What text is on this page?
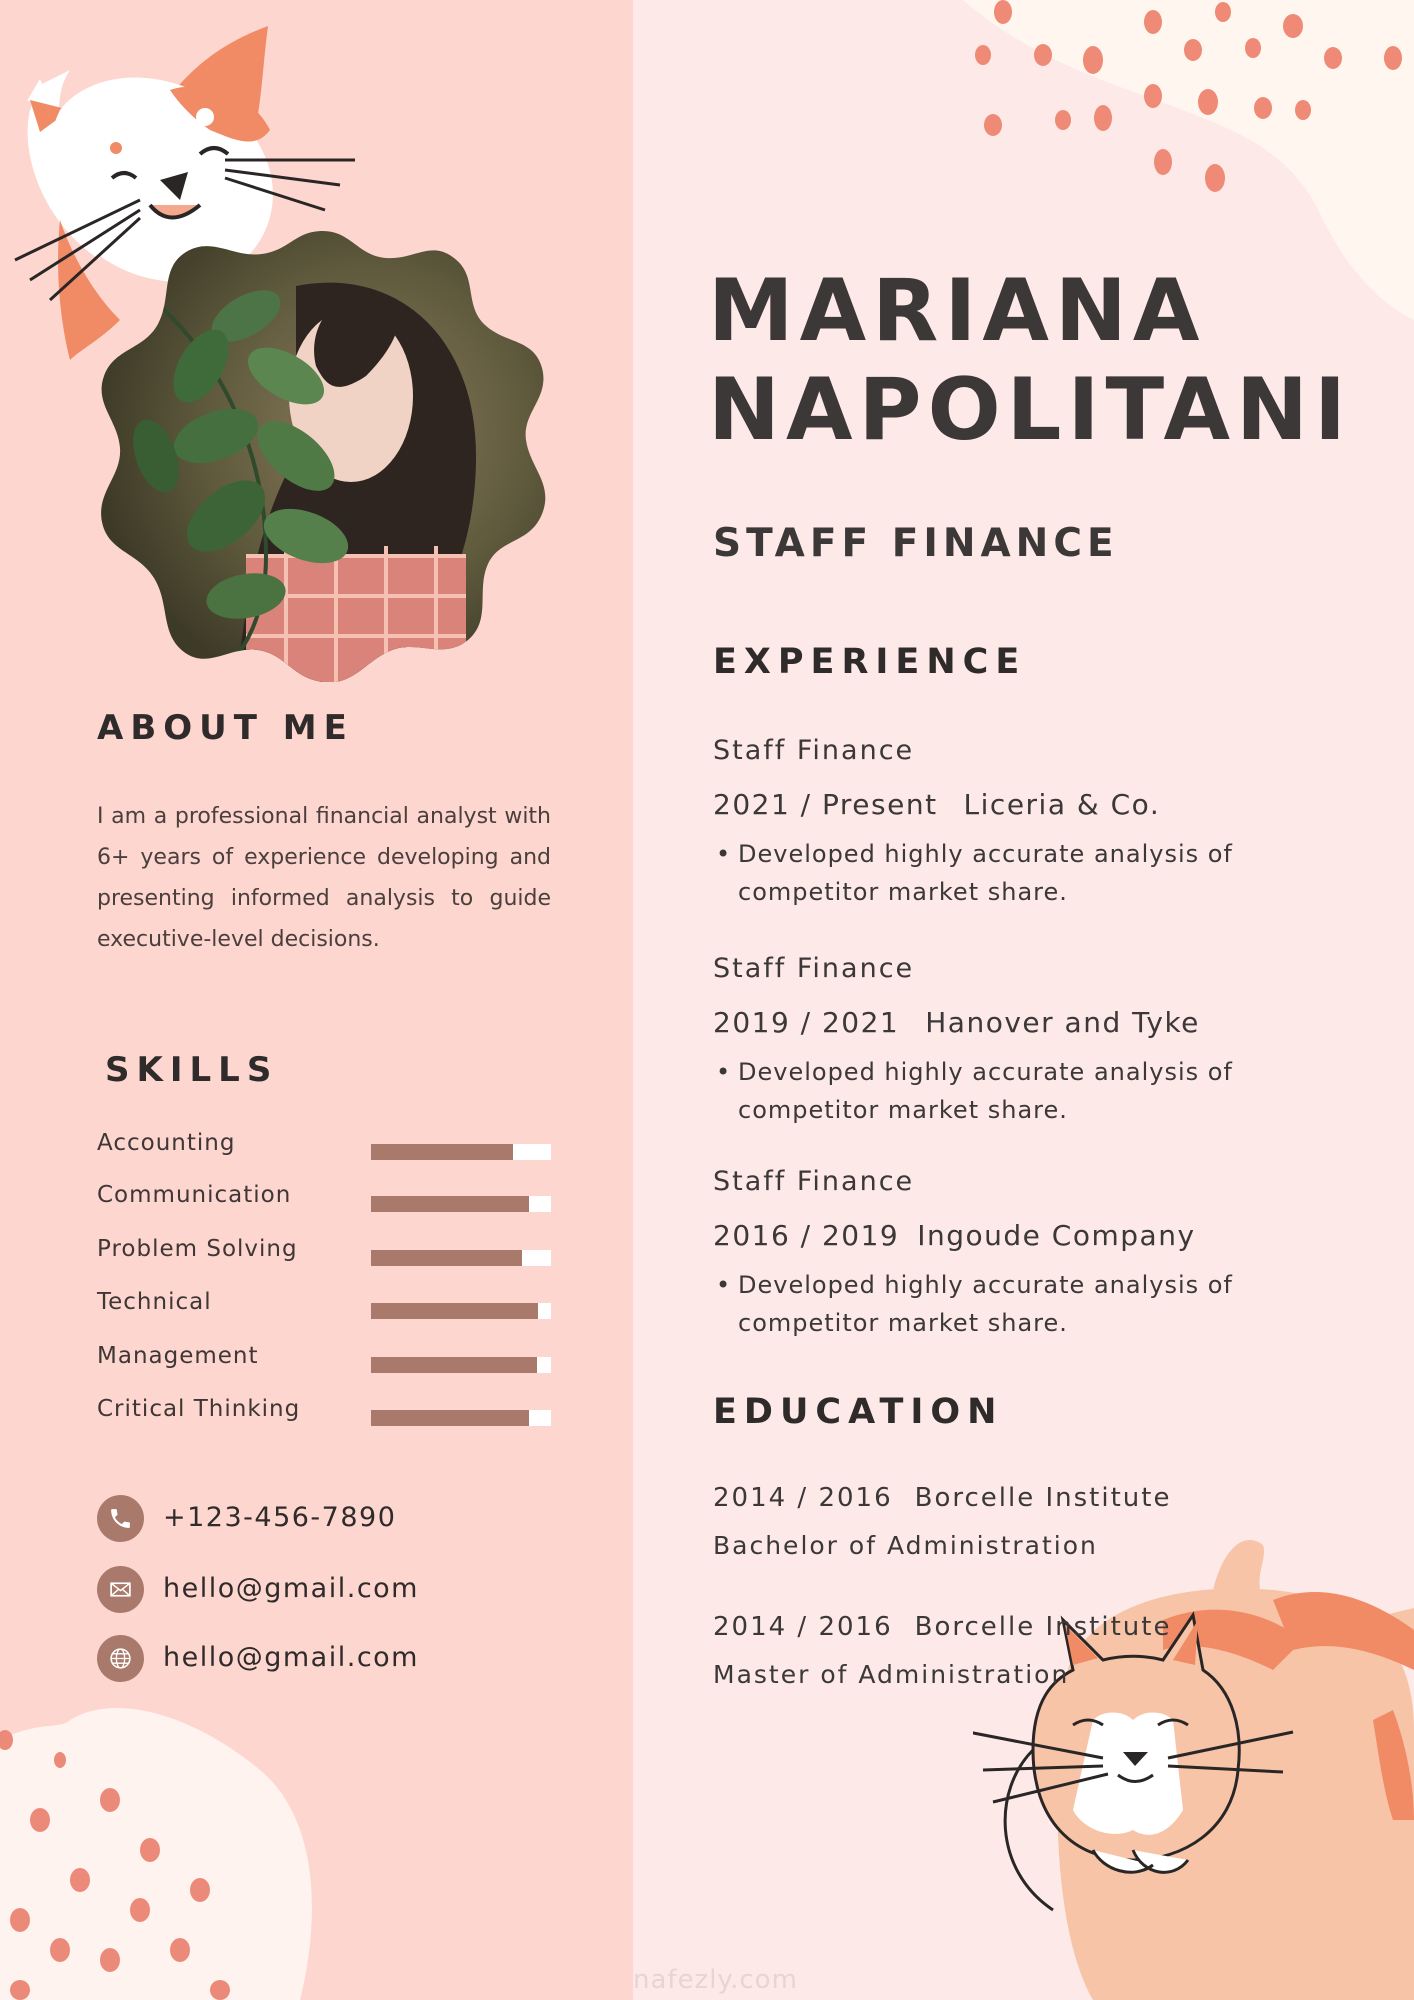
ABOUT ME
I am a professional financial analyst with 6+ years of experience developing and presenting informed analysis to guide executive-level decisions.
SKILLS
Accounting
Communication
Problem Solving
Technical
Management
Critical Thinking
+123-456-7890
hello@gmail.com
hello@gmail.com
nafezly.com
MARIANA
NAPOLITANI
STAFF FINANCE
EXPERIENCE
Staff Finance
2021 / Present Liceria & Co.
• Developed highly accurate analysis of competitor market share.
Staff Finance
2019 / 2021 Hanover and Tyke
• Developed highly accurate analysis of competitor market share.
Staff Finance
2016 / 2019 Ingoude Company
• Developed highly accurate analysis of competitor market share.
EDUCATION
2014 / 2016 Borcelle Institute
Bachelor of Administration
2014 / 2016 Borcelle Institute
Master of Administration
